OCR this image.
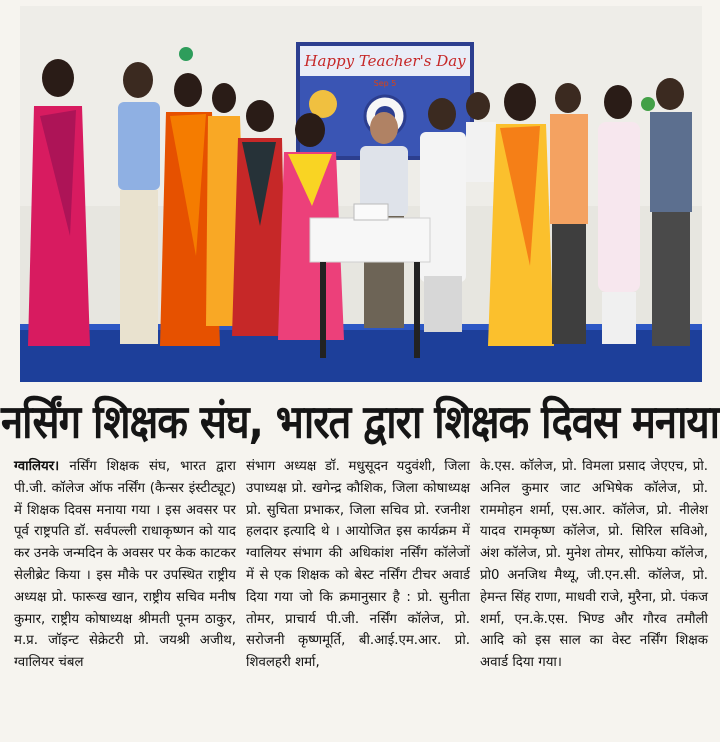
Happy Teacher's Day
Sep 5
नर्सिंग शिक्षक संघ, भारत द्वारा शिक्षक दिवस मनाया

ग्वालियर। नर्सिंग शिक्षक संघ, भारत द्वारा पी.जी. कॉलेज ऑफ नर्सिंग (कैन्सर इंस्टीट्यूट) में शिक्षक दिवस मनाया गया । इस अवसर पर पूर्व राष्ट्रपति डॉ. सर्वपल्ली राधाकृष्णन को याद कर उनके जन्मदिन के अवसर पर केक काटकर सेलीब्रेट किया । इस मौके पर उपस्थित राष्ट्रीय अध्यक्ष प्रो. फारूख खान, राष्ट्रीय सचिव मनीष कुमार, राष्ट्रीय कोषाध्यक्ष श्रीमती पूनम ठाकुर, म.प्र. जॉइन्ट सेक्रेटरी प्रो. जयश्री अजीथ, ग्वालियर चंबल

संभाग अध्यक्ष डॉ. मधुसूदन यदुवंशी, जिला उपाध्यक्ष प्रो. खगेन्द्र कौशिक, जिला कोषाध्यक्ष प्रो. सुचिता प्रभाकर, जिला सचिव प्रो. रजनीश हलदार इत्यादि थे । आयोजित इस कार्यक्रम में ग्वालियर संभाग की अधिकांश नर्सिंग कॉलेजों में से एक शिक्षक को बेस्ट नर्सिंग टीचर अवार्ड दिया गया जो कि क्रमानुसार है : प्रो. सुनीता तोमर, प्राचार्य पी.जी. नर्सिंग कॉलेज, प्रो. सरोजनी कृष्णमूर्ति, बी.आई.एम.आर. प्रो. शिवलहरी शर्मा,

के.एस. कॉलेज, प्रो. विमला प्रसाद जेएएच, प्रो. अनिल कुमार जाट अभिषेक कॉलेज, प्रो. राममोहन शर्मा, एस.आर. कॉलेज, प्रो. नीलेश यादव रामकृष्ण कॉलेज, प्रो. सिरिल सविओ, अंश कॉलेज, प्रो. मुनेश तोमर, सोफिया कॉलेज, प्रो0 अनजिथ मैथ्यू, जी.एन.सी. कॉलेज, प्रो. हेमन्त सिंह राणा, माधवी राजे, मुरैना, प्रो. पंकज शर्मा, एन.के.एस. भिण्ड और गौरव तमौली आदि को इस साल का वेस्ट नर्सिंग शिक्षक अवार्ड दिया गया।
